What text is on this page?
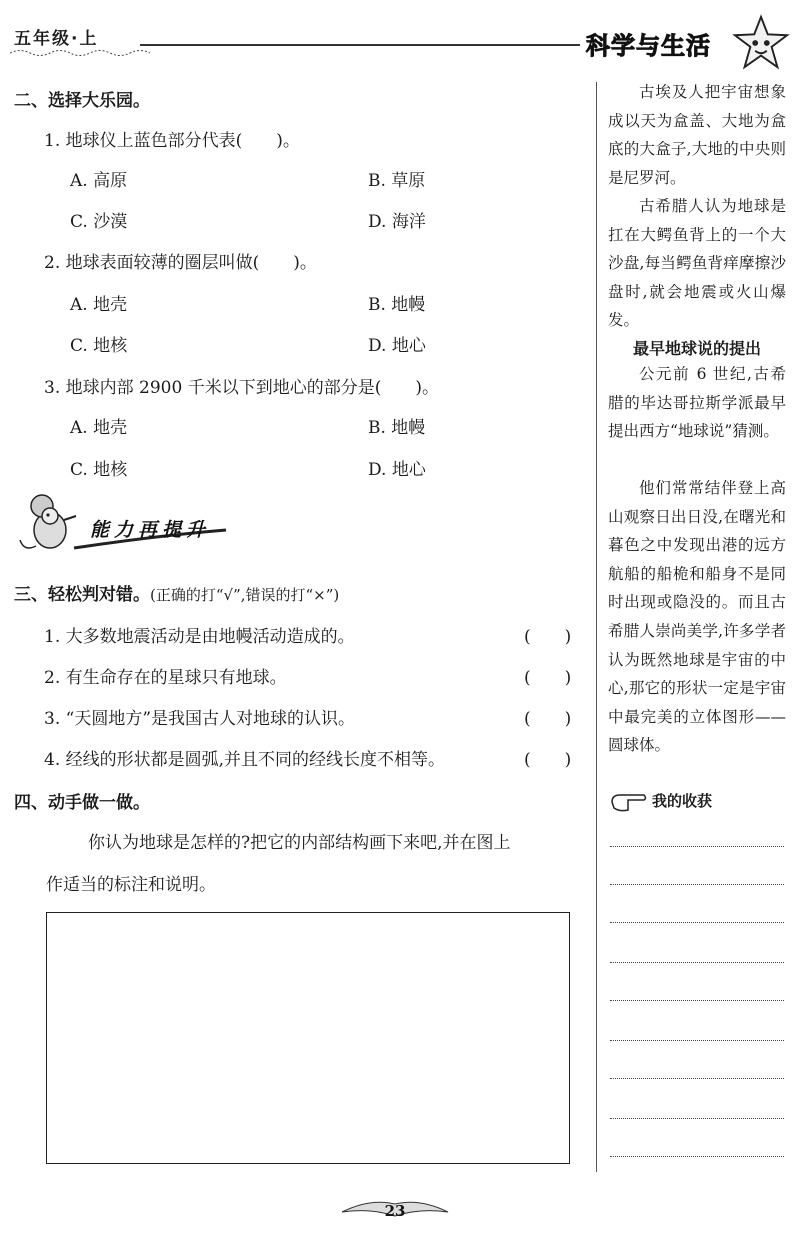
五年级·上	科学与生活
二、选择大乐园。
1. 地球仪上蓝色部分代表(　　)。
A. 高原	B. 草原
C. 沙漠	D. 海洋
2. 地球表面较薄的圈层叫做(　　)。
A. 地壳	B. 地幔
C. 地核	D. 地心
3. 地球内部 2900 千米以下到地心的部分是(　　)。
A. 地壳	B. 地幔
C. 地核	D. 地心
能力再提升
三、轻松判对错。(正确的打“√”,错误的打“×”)
1. 大多数地震活动是由地幔活动造成的。	(　　)
2. 有生命存在的星球只有地球。	(　　)
3. “天圆地方”是我国古人对地球的认识。	(　　)
4. 经线的形状都是圆弧,并且不同的经线长度不相等。	(　　)
四、动手做一做。
你认为地球是怎样的?把它的内部结构画下来吧,并在图上
作适当的标注和说明。

古埃及人把宇宙想象成以天为盒盖、大地为盒底的大盒子,大地的中央则是尼罗河。

古希腊人认为地球是扛在大鳄鱼背上的一个大沙盘,每当鳄鱼背痒摩擦沙盘时,就会地震或火山爆发。

最早地球说的提出

公元前 6 世纪,古希腊的毕达哥拉斯学派最早提出西方“地球说”猜测。

他们常常结伴登上高山观察日出日没,在曙光和暮色之中发现出港的远方航船的船桅和船身不是同时出现或隐没的。而且古希腊人崇尚美学,许多学者认为既然地球是宇宙的中心,那它的形状一定是宇宙中最完美的立体图形——圆球体。

我的收获
23
